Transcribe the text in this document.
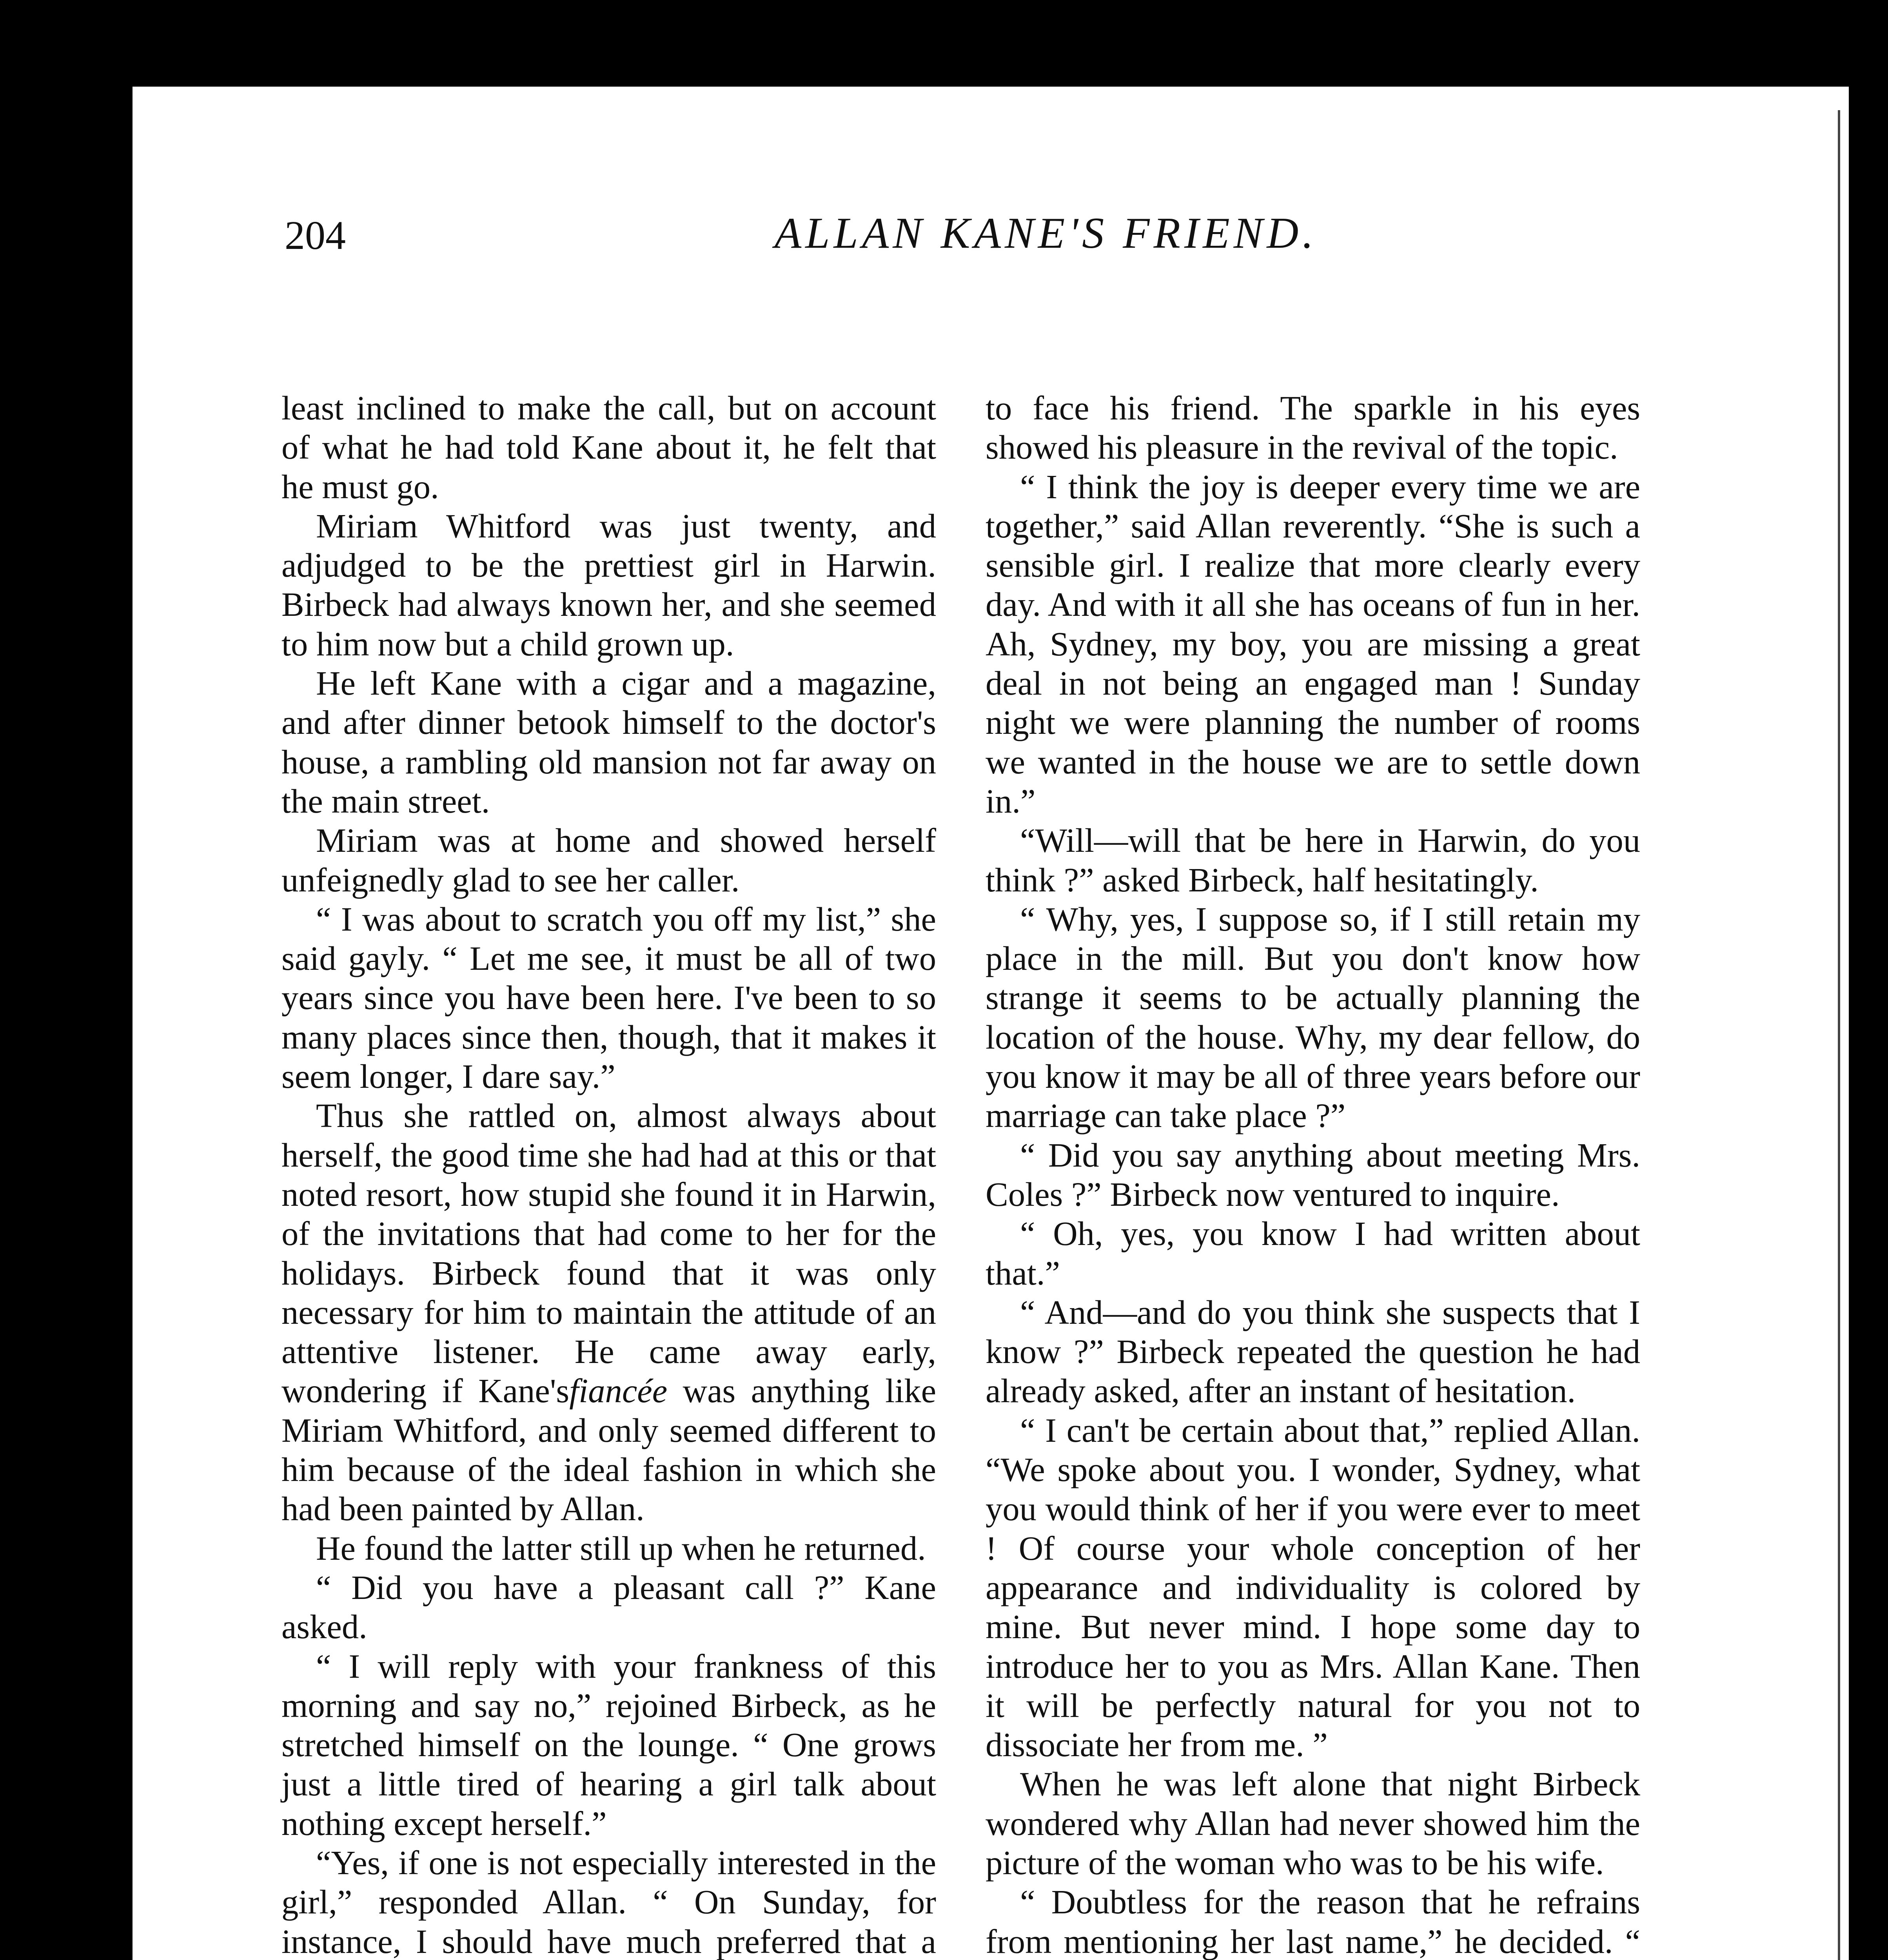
204	ALLAN KANE'S FRIEND.

least inclined to make the call, but on account of what he had told Kane about it, he felt that he must go.

Miriam Whitford was just twenty, and adjudged to be the prettiest girl in Harwin. Birbeck had always known her, and she seemed to him now but a child grown up.

He left Kane with a cigar and a magazine, and after dinner betook himself to the doctor's house, a rambling old mansion not far away on the main street.

Miriam was at home and showed herself unfeignedly glad to see her caller.

“ I was about to scratch you off my list,” she said gayly. “ Let me see, it must be all of two years since you have been here. I've been to so many places since then, though, that it makes it seem longer, I dare say.”

Thus she rattled on, almost always about herself, the good time she had had at this or that noted resort, how stupid she found it in Harwin, of the invitations that had come to her for the holidays. Birbeck found that it was only necessary for him to maintain the attitude of an attentive listener. He came away early, wondering if Kane'sfiancée was anything like Miriam Whitford, and only seemed different to him because of the ideal fashion in which she had been painted by Allan.

He found the latter still up when he returned.

“ Did you have a pleasant call ?” Kane asked.

“ I will reply with your frankness of this morning and say no,” rejoined Birbeck, as he stretched himself on the lounge. “ One grows just a little tired of hearing a girl talk about nothing except herself.”

“Yes, if one is not especially interested in the girl,” responded Allan. “ On Sunday, for instance, I should have much preferred that a

to face his friend. The sparkle in his eyes showed his pleasure in the revival of the topic.

“ I think the joy is deeper every time we are together,” said Allan reverently. “She is such a sensible girl. I realize that more clearly every day. And with it all she has oceans of fun in her. Ah, Sydney, my boy, you are missing a great deal in not being an engaged man ! Sunday night we were planning the number of rooms we wanted in the house we are to settle down in.”

“Will—will that be here in Harwin, do you think ?” asked Birbeck, half hesitatingly.

“ Why, yes, I suppose so, if I still retain my place in the mill. But you don't know how strange it seems to be actually planning the location of the house. Why, my dear fellow, do you know it may be all of three years before our marriage can take place ?”

“ Did you say anything about meeting Mrs. Coles ?” Birbeck now ventured to inquire.

“ Oh, yes, you know I had written about that.”

“ And—and do you think she suspects that I know ?” Birbeck repeated the question he had already asked, after an instant of hesitation.

“ I can't be certain about that,” replied Allan. “We spoke about you. I wonder, Sydney, what you would think of her if you were ever to meet ! Of course your whole conception of her appearance and individuality is colored by mine. But never mind. I hope some day to introduce her to you as Mrs. Allan Kane. Then it will be perfectly natural for you not to dissociate her from me. ”

When he was left alone that night Birbeck wondered why Allan had never showed him the picture of the woman who was to be his wife.

“ Doubtless for the reason that he refrains from mentioning her last name,” he decided. “
